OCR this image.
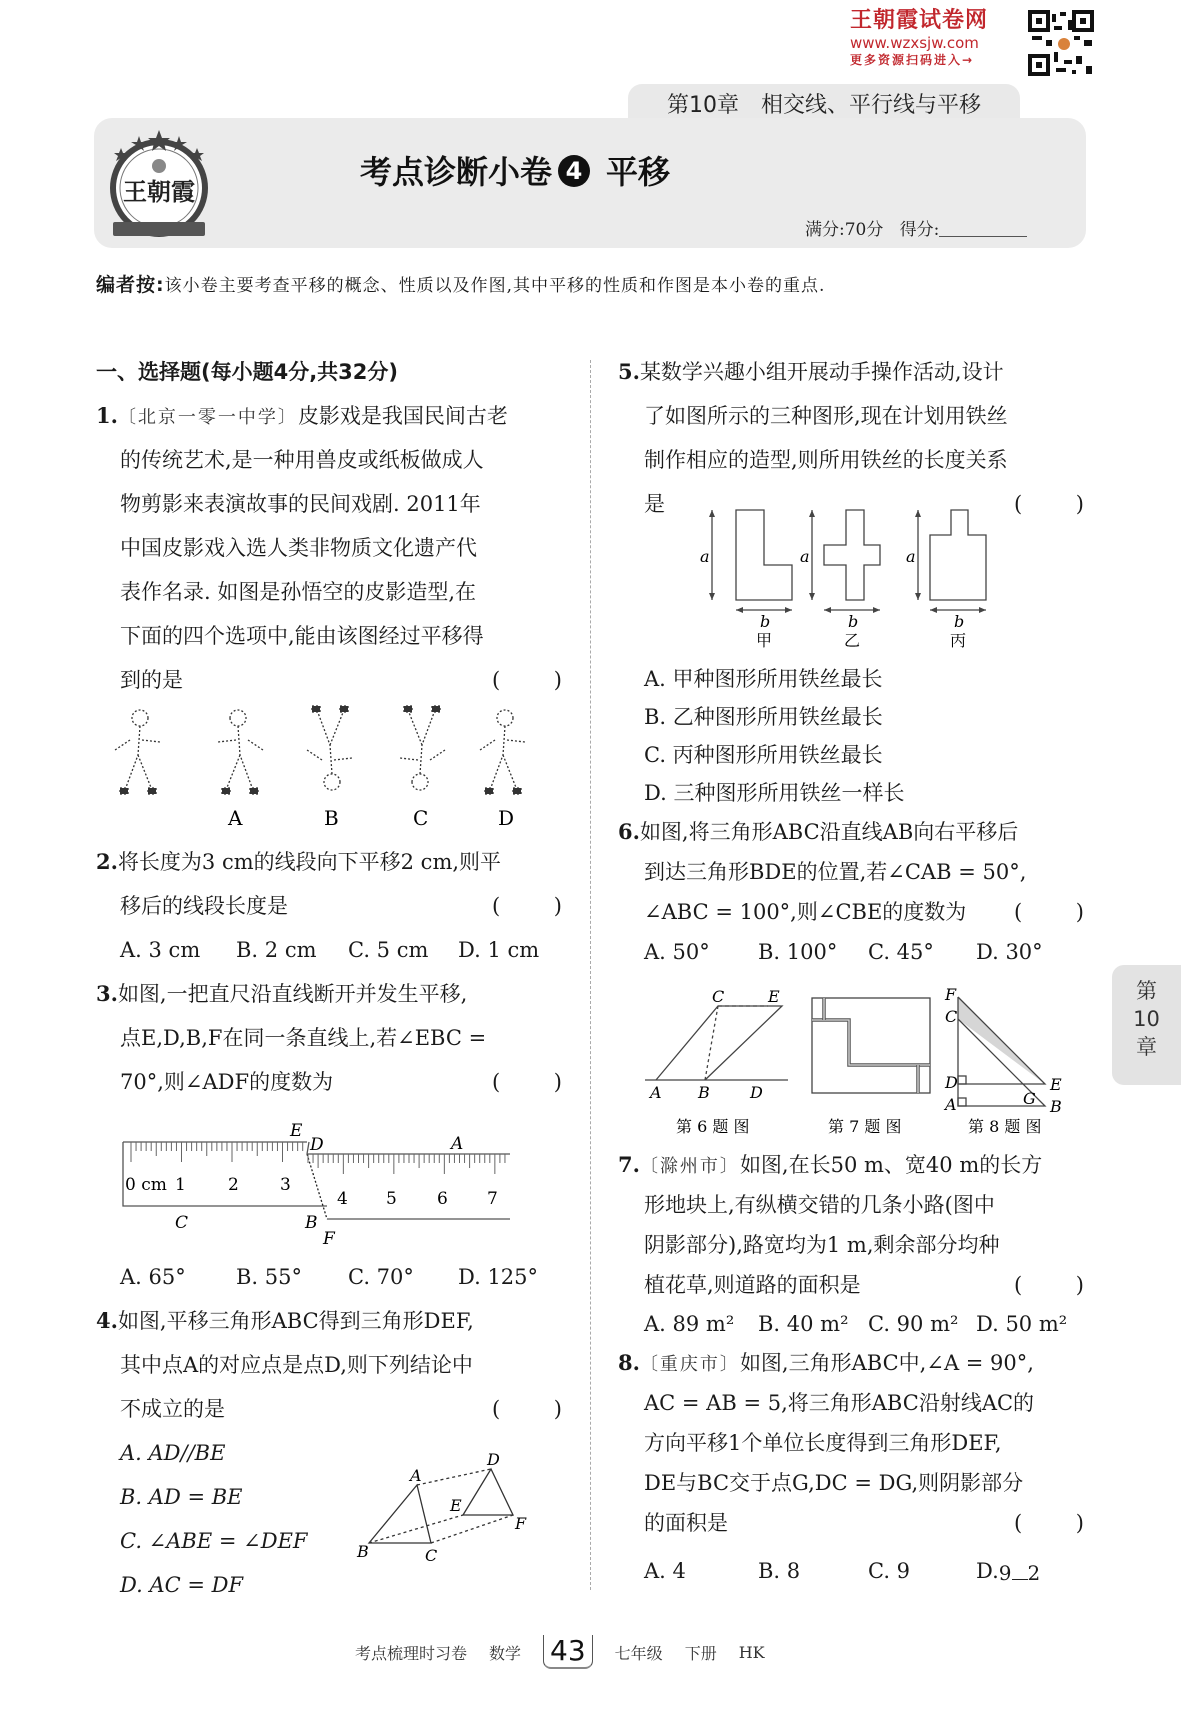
王朝霞试卷网
www.wzxsjw.com
更多资源扫码进入→
第10章　相交线、平行线与平移
王朝霞
考点诊断小卷 4 平移
满分:70分 得分:
编者按:该小卷主要考查平移的概念、性质以及作图,其中平移的性质和作图是本小卷的重点.
一、选择题(每小题4分,共32分)
1.〔北京一零一中学〕皮影戏是我国民间古老
的传统艺术,是一种用兽皮或纸板做成人
物剪影来表演故事的民间戏剧. 2011年
中国皮影戏入选人类非物质文化遗产代
表作名录. 如图是孙悟空的皮影造型,在
下面的四个选项中,能由该图经过平移得
到的是	(	)
A	B	C	D
2.将长度为3 cm的线段向下平移2 cm,则平
移后的线段长度是	(	)
A. 3 cm	B. 2 cm	C. 5 cm	D. 1 cm
3.如图,一把直尺沿直线断开并发生平移,
点E,D,B,F在同一条直线上,若∠EBC =
70°,则∠ADF的度数为	(	)
0 cm 1 2 3
4 5 6 7
E
D	A
C	B
F
A. 65°	B. 55°	C. 70°	D. 125°
4.如图,平移三角形ABC得到三角形DEF,
其中点A的对应点是点D,则下列结论中
不成立的是	(	)
A. AD//BE
B. AD = BE
C. ∠ABE = ∠DEF
D. AC = DF
A
B	C
D
E
F
5.某数学兴趣小组开展动手操作活动,设计
了如图所示的三种图形,现在计划用铁丝
制作相应的造型,则所用铁丝的长度关系
是	(	)
a	a	a
b	b	b
甲	乙	丙
A. 甲种图形所用铁丝最长
B. 乙种图形所用铁丝最长
C. 丙种图形所用铁丝最长
D. 三种图形所用铁丝一样长
6.如图,将三角形ABC沿直线AB向右平移后
到达三角形BDE的位置,若∠CAB = 50°,
∠ABC = 100°,则∠CBE的度数为 (	)
A. 50°	B. 100°	C. 45°	D. 30°
C	E
A B	D
F
C
D
A	G
E
B
第 6 题 图	第 7 题 图	第 8 题 图
7.〔滁州市〕如图,在长50 m、宽40 m的长方
形地块上,有纵横交错的几条小路(图中
阴影部分),路宽均为1 m,剩余部分均种
植花草,则道路的面积是	(	)
A. 89 m²	B. 40 m² C. 90 m² D. 50 m²
8.〔重庆市〕如图,三角形ABC中,∠A = 90°,
AC = AB = 5,将三角形ABC沿射线AC的
方向平移1个单位长度得到三角形DEF,
DE与BC交于点G,DC = DG,则阴影部分
的面积是	(	)
A. 4	B. 8	C. 9	D.9 2
第
10
章
考点梳理时习卷 数学 43	七年级 下册 HK
